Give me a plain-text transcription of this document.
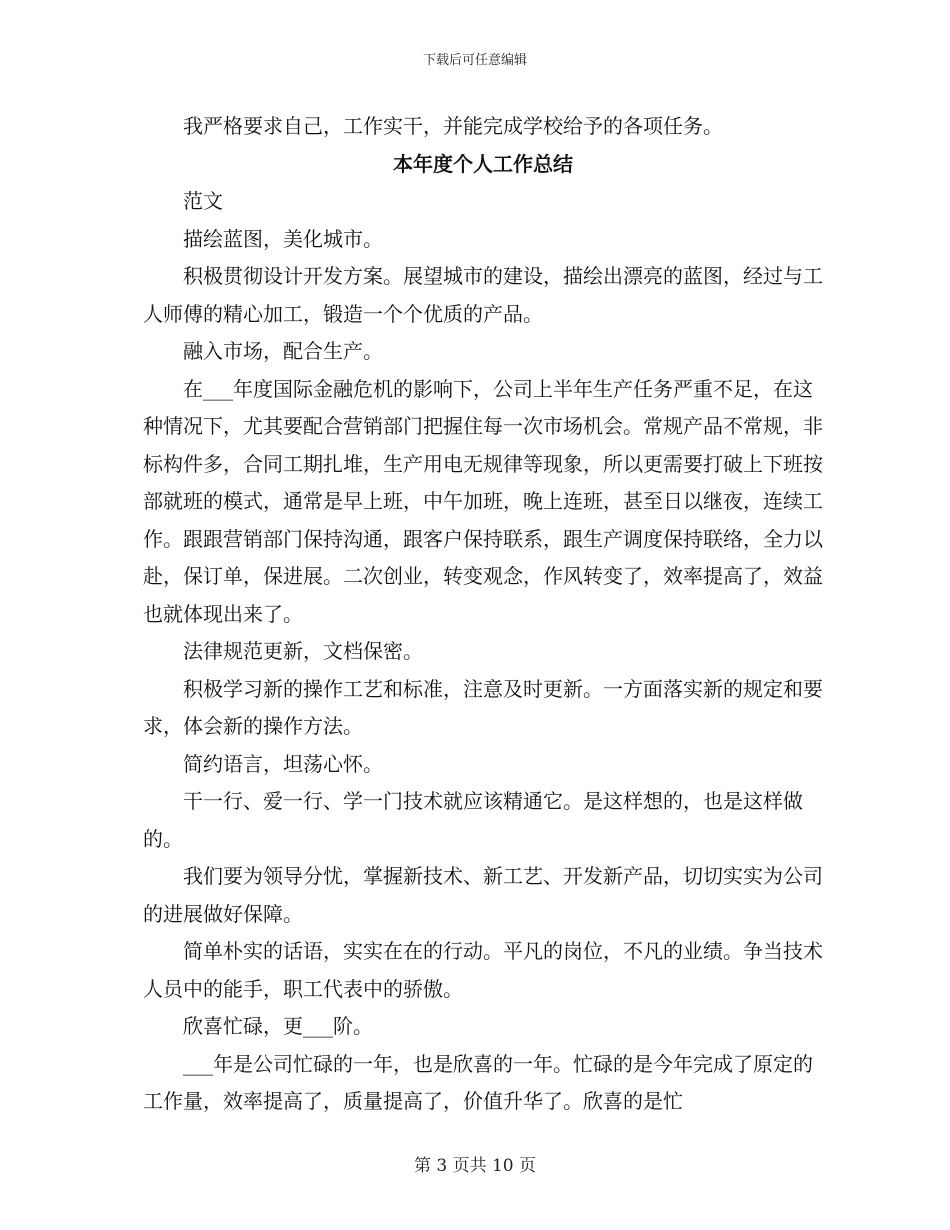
下载后可任意编辑

我严格要求自己，工作实干，并能完成学校给予的各项任务。

本年度个人工作总结

范文

描绘蓝图，美化城市。

积极贯彻设计开发方案。展望城市的建设，描绘出漂亮的蓝图，经过与工人师傅的精心加工，锻造一个个优质的产品。

融入市场，配合生产。

在___年度国际金融危机的影响下，公司上半年生产任务严重不足，在这种情况下，尤其要配合营销部门把握住每一次市场机会。常规产品不常规，非标构件多，合同工期扎堆，生产用电无规律等现象，所以更需要打破上下班按部就班的模式，通常是早上班，中午加班，晚上连班，甚至日以继夜，连续工作。跟跟营销部门保持沟通，跟客户保持联系，跟生产调度保持联络，全力以赴，保订单，保进展。二次创业，转变观念，作风转变了，效率提高了，效益也就体现出来了。

法律规范更新，文档保密。

积极学习新的操作工艺和标准，注意及时更新。一方面落实新的规定和要求，体会新的操作方法。

简约语言，坦荡心怀。

干一行、爱一行、学一门技术就应该精通它。是这样想的，也是这样做的。

我们要为领导分忧，掌握新技术、新工艺、开发新产品，切切实实为公司的进展做好保障。

简单朴实的话语，实实在在的行动。平凡的岗位，不凡的业绩。争当技术人员中的能手，职工代表中的骄傲。

欣喜忙碌，更___阶。

___年是公司忙碌的一年，也是欣喜的一年。忙碌的是今年完成了原定的工作量，效率提高了，质量提高了，价值升华了。欣喜的是忙

第 3 页共 10 页
